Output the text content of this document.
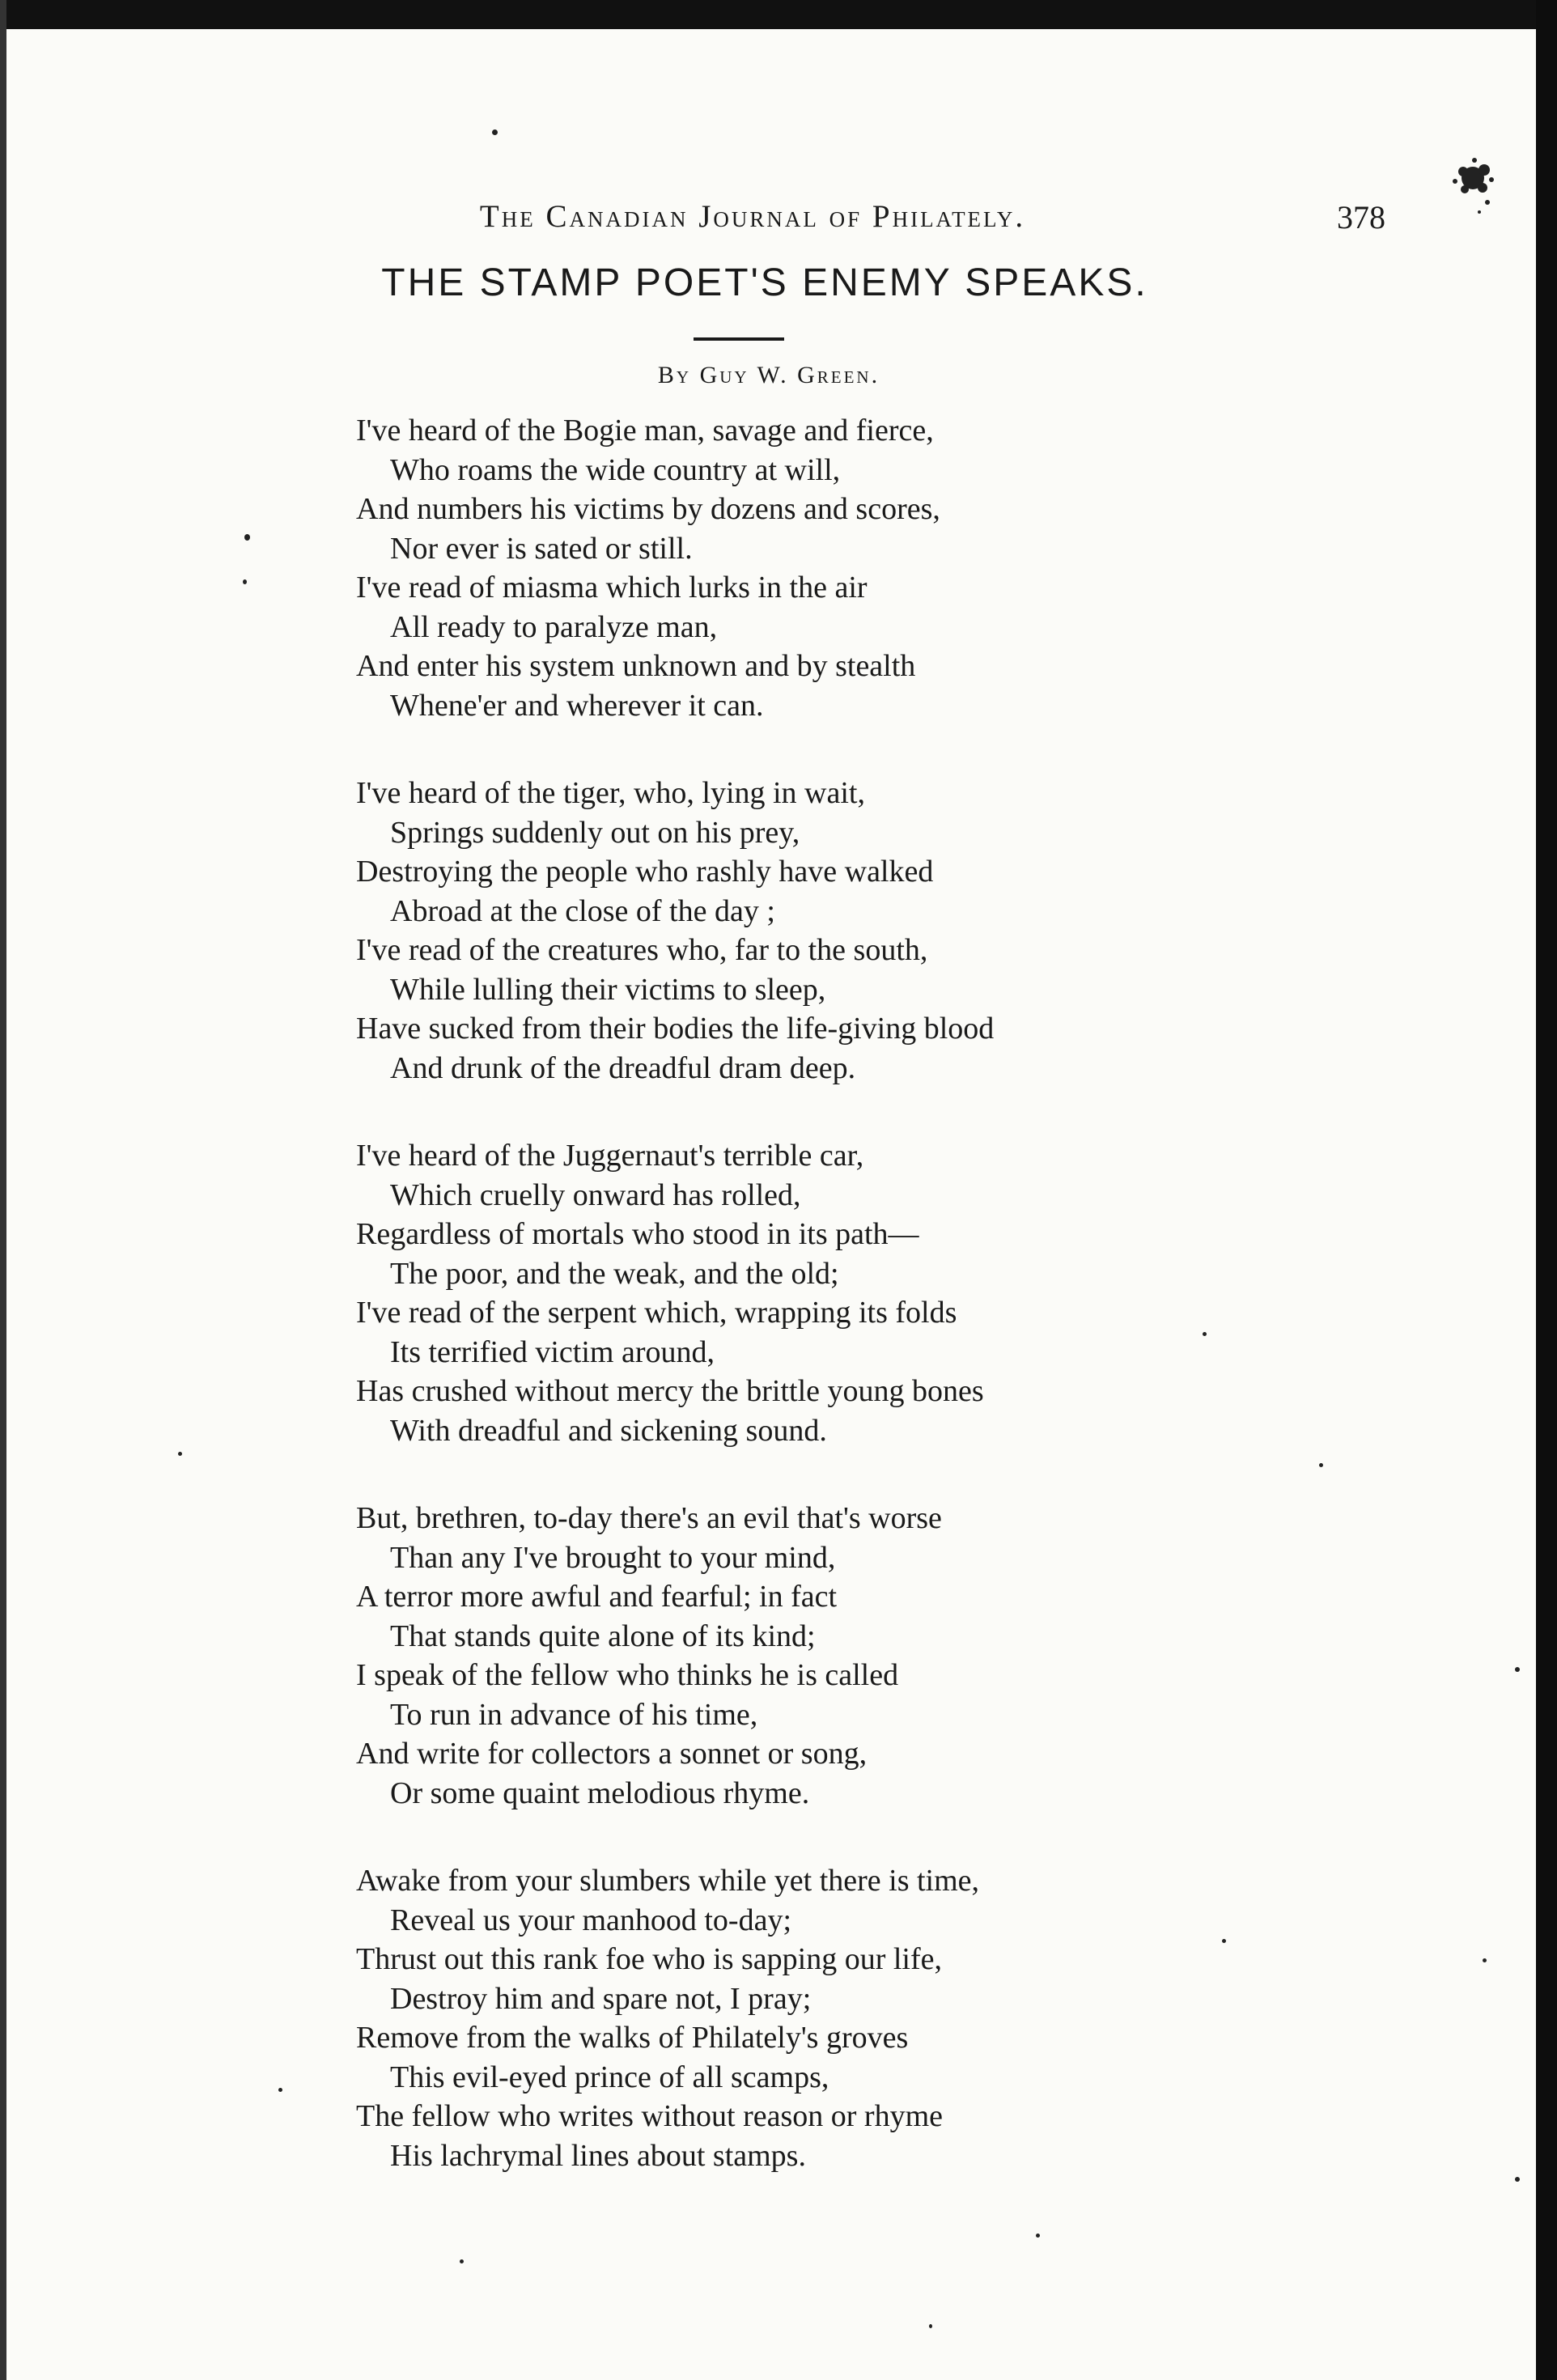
The Canadian Journal of Philately.	378
THE STAMP POET'S ENEMY SPEAKS.
By Guy W. Green.
I've heard of the Bogie man, savage and fierce,
Who roams the wide country at will,
And numbers his victims by dozens and scores,
Nor ever is sated or still.
I've read of miasma which lurks in the air
All ready to paralyze man,
And enter his system unknown and by stealth
Whene'er and wherever it can.
I've heard of the tiger, who, lying in wait,
Springs suddenly out on his prey,
Destroying the people who rashly have walked
Abroad at the close of the day ;
I've read of the creatures who, far to the south,
While lulling their victims to sleep,
Have sucked from their bodies the life-giving blood
And drunk of the dreadful dram deep.
I've heard of the Juggernaut's terrible car,
Which cruelly onward has rolled,
Regardless of mortals who stood in its path—
The poor, and the weak, and the old;
I've read of the serpent which, wrapping its folds
Its terrified victim around,
Has crushed without mercy the brittle young bones
With dreadful and sickening sound.
But, brethren, to-day there's an evil that's worse
Than any I've brought to your mind,
A terror more awful and fearful; in fact
That stands quite alone of its kind;
I speak of the fellow who thinks he is called
To run in advance of his time,
And write for collectors a sonnet or song,
Or some quaint melodious rhyme.
Awake from your slumbers while yet there is time,
Reveal us your manhood to-day;
Thrust out this rank foe who is sapping our life,
Destroy him and spare not, I pray;
Remove from the walks of Philately's groves
This evil-eyed prince of all scamps,
The fellow who writes without reason or rhyme
His lachrymal lines about stamps.
